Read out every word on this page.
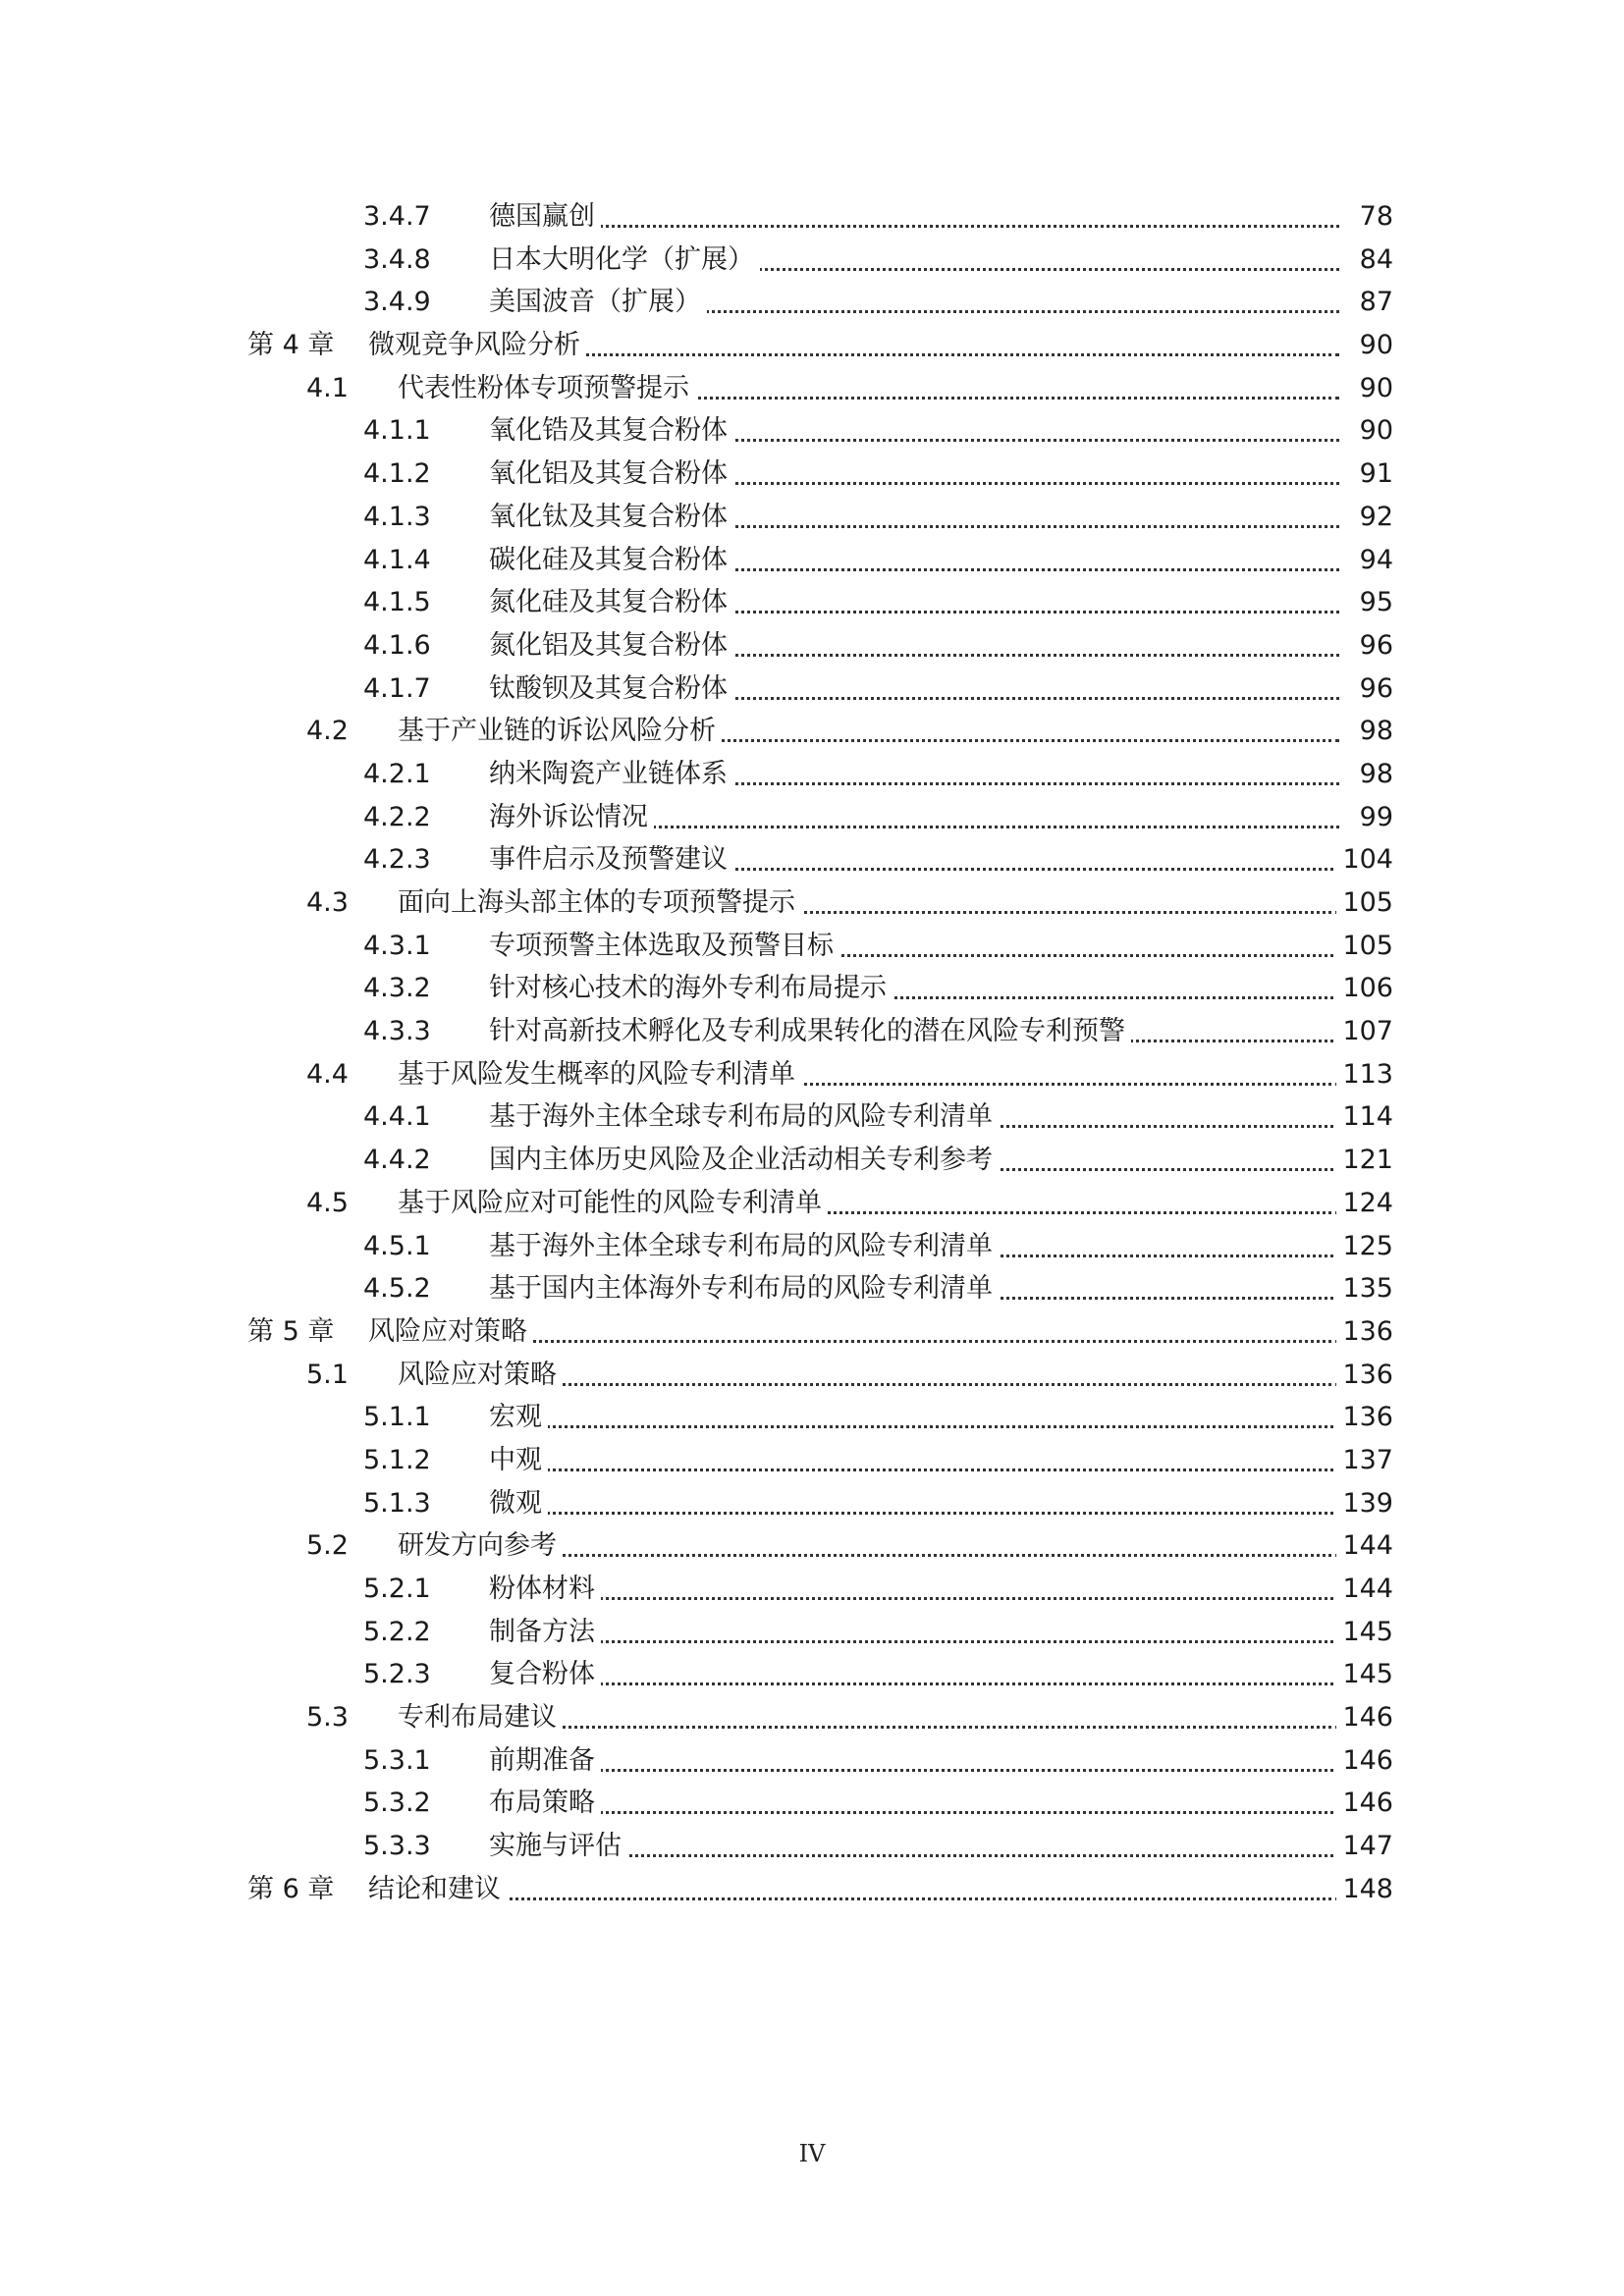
3.4.7 德国赢创	78
3.4.8 日本大明化学（扩展）	84
3.4.9 美国波音（扩展）	87
第 4 章 微观竞争风险分析	90
4.1 代表性粉体专项预警提示	90
4.1.1 氧化锆及其复合粉体	90
4.1.2 氧化铝及其复合粉体	91
4.1.3 氧化钛及其复合粉体	92
4.1.4 碳化硅及其复合粉体	94
4.1.5 氮化硅及其复合粉体	95
4.1.6 氮化铝及其复合粉体	96
4.1.7 钛酸钡及其复合粉体	96
4.2 基于产业链的诉讼风险分析	98
4.2.1 纳米陶瓷产业链体系	98
4.2.2 海外诉讼情况	99
4.2.3 事件启示及预警建议	104
4.3 面向上海头部主体的专项预警提示	105
4.3.1 专项预警主体选取及预警目标	105
4.3.2 针对核心技术的海外专利布局提示	106
4.3.3 针对高新技术孵化及专利成果转化的潜在风险专利预警	107
4.4 基于风险发生概率的风险专利清单	113
4.4.1 基于海外主体全球专利布局的风险专利清单	114
4.4.2 国内主体历史风险及企业活动相关专利参考	121
4.5 基于风险应对可能性的风险专利清单	124
4.5.1 基于海外主体全球专利布局的风险专利清单	125
4.5.2 基于国内主体海外专利布局的风险专利清单	135
第 5 章 风险应对策略	136
5.1 风险应对策略	136
5.1.1 宏观	136
5.1.2 中观	137
5.1.3 微观	139
5.2 研发方向参考	144
5.2.1 粉体材料	144
5.2.2 制备方法	145
5.2.3 复合粉体	145
5.3 专利布局建议	146
5.3.1 前期准备	146
5.3.2 布局策略	146
5.3.3 实施与评估	147
第 6 章 结论和建议	148
IV
